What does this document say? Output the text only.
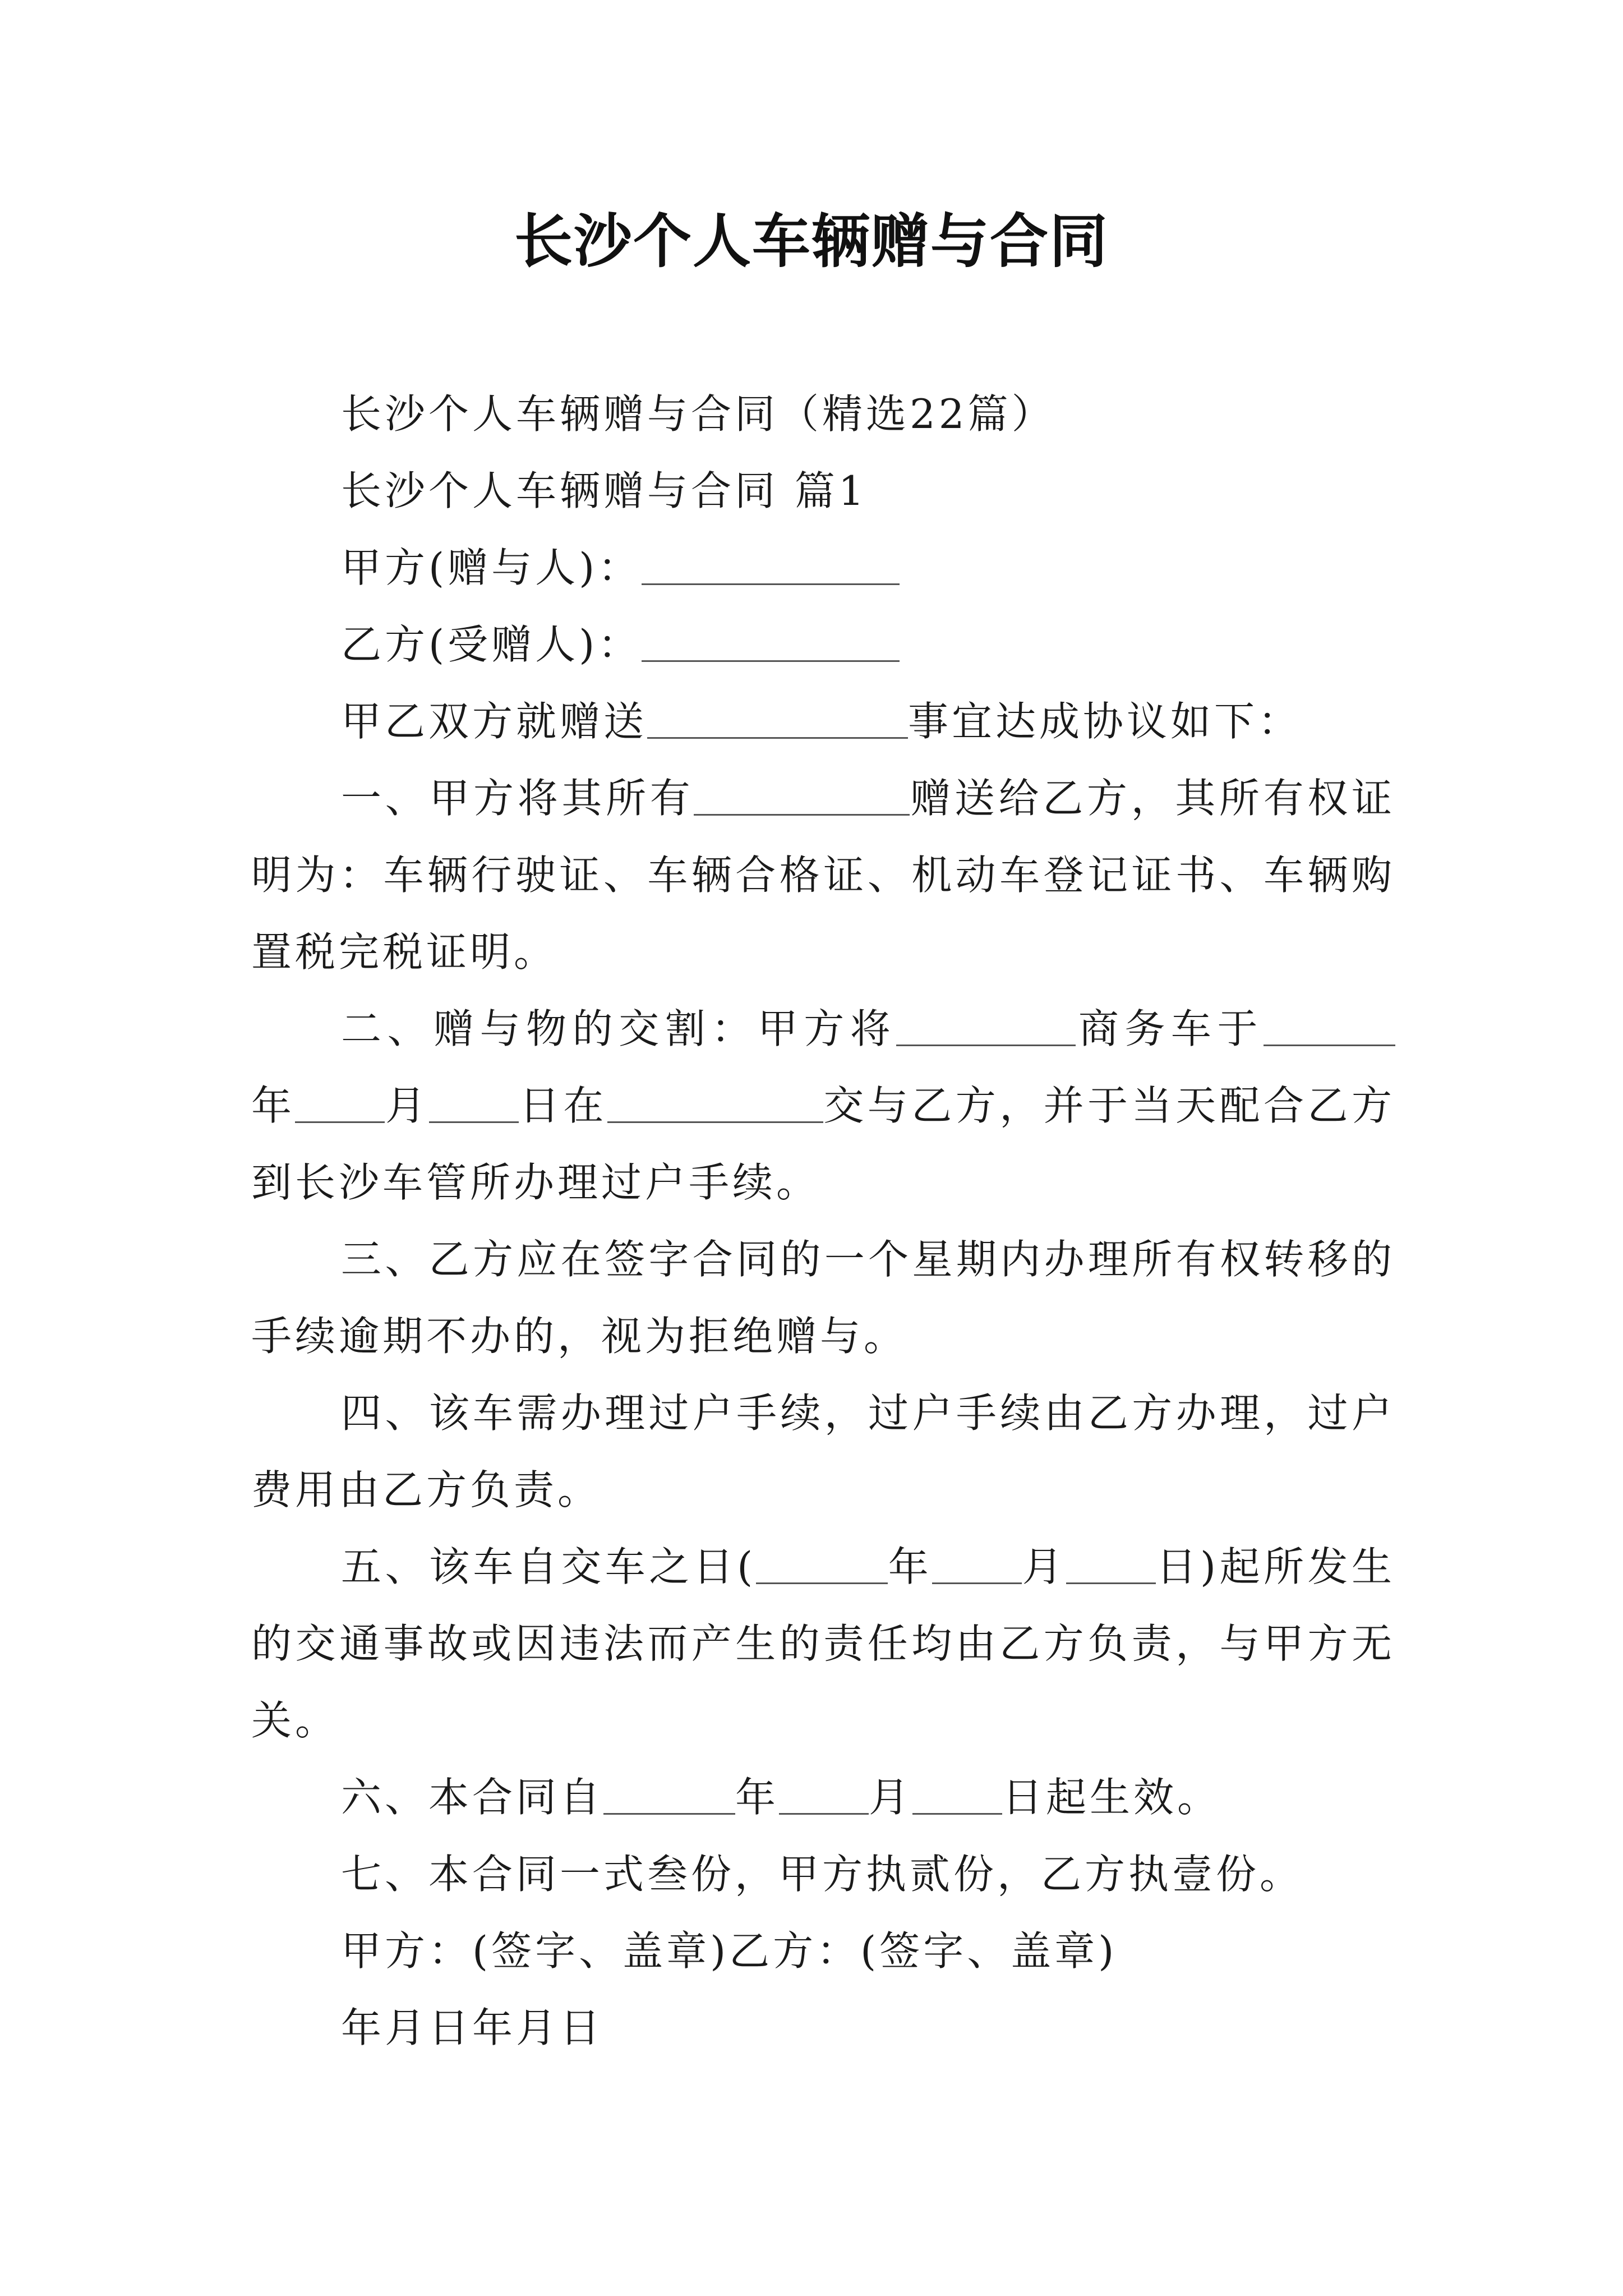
长沙个人车辆赠与合同

长沙个人车辆赠与合同（精选22篇）

长沙个人车辆赠与合同 篇1

甲方(赠与人)：

乙方(受赠人)：

甲乙双方就赠送	事宜达成协议如下：

一、甲方将其所有	赠送给乙方，其所有权证明为：车辆行驶证、车辆合格证、机动车登记证书、车辆购置税完税证明。

二、赠与物的交割：甲方将	商务车于年 月 日在	交与乙方，并于当天配合乙方到长沙车管所办理过户手续。

三、乙方应在签字合同的一个星期内办理所有权转移的手续逾期不办的，视为拒绝赠与。

四、该车需办理过户手续，过户手续由乙方办理，过户费用由乙方负责。

五、该车自交车之日(	年 月 日)起所发生的交通事故或因违法而产生的责任均由乙方负责，与甲方无关。

六、本合同自	年 月 日起生效。

七、本合同一式叁份，甲方执贰份，乙方执壹份。

甲方：(签字、盖章)乙方：(签字、盖章)

年月日年月日
